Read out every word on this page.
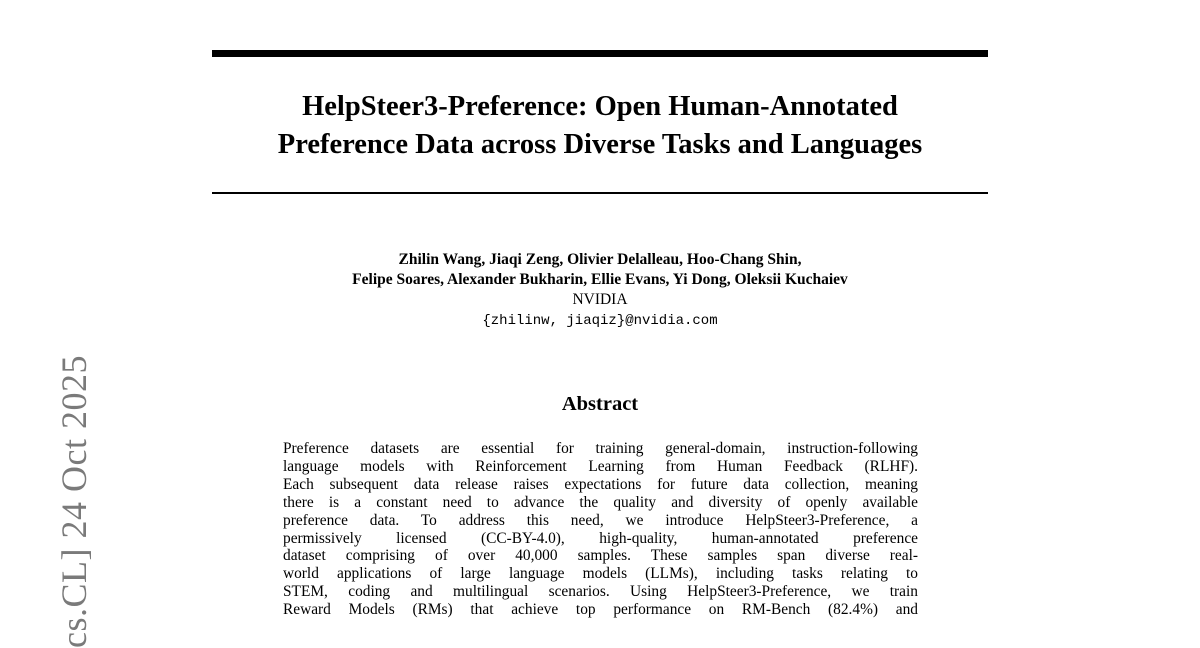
cs.CL] 24 Oct 2025
HelpSteer3-Preference: Open Human-Annotated
Preference Data across Diverse Tasks and Languages
Zhilin Wang, Jiaqi Zeng, Olivier Delalleau, Hoo-Chang Shin,
Felipe Soares, Alexander Bukharin, Ellie Evans, Yi Dong, Oleksii Kuchaiev
NVIDIA
{zhilinw, jiaqiz}@nvidia.com
Abstract
Preference datasets are essential for training general-domain, instruction-following
language models with Reinforcement Learning from Human Feedback (RLHF).
Each subsequent data release raises expectations for future data collection, meaning
there is a constant need to advance the quality and diversity of openly available
preference data. To address this need, we introduce HelpSteer3-Preference, a
permissively licensed (CC-BY-4.0), high-quality, human-annotated preference
dataset comprising of over 40,000 samples. These samples span diverse real-
world applications of large language models (LLMs), including tasks relating to
STEM, coding and multilingual scenarios. Using HelpSteer3-Preference, we train
Reward Models (RMs) that achieve top performance on RM-Bench (82.4%) and
